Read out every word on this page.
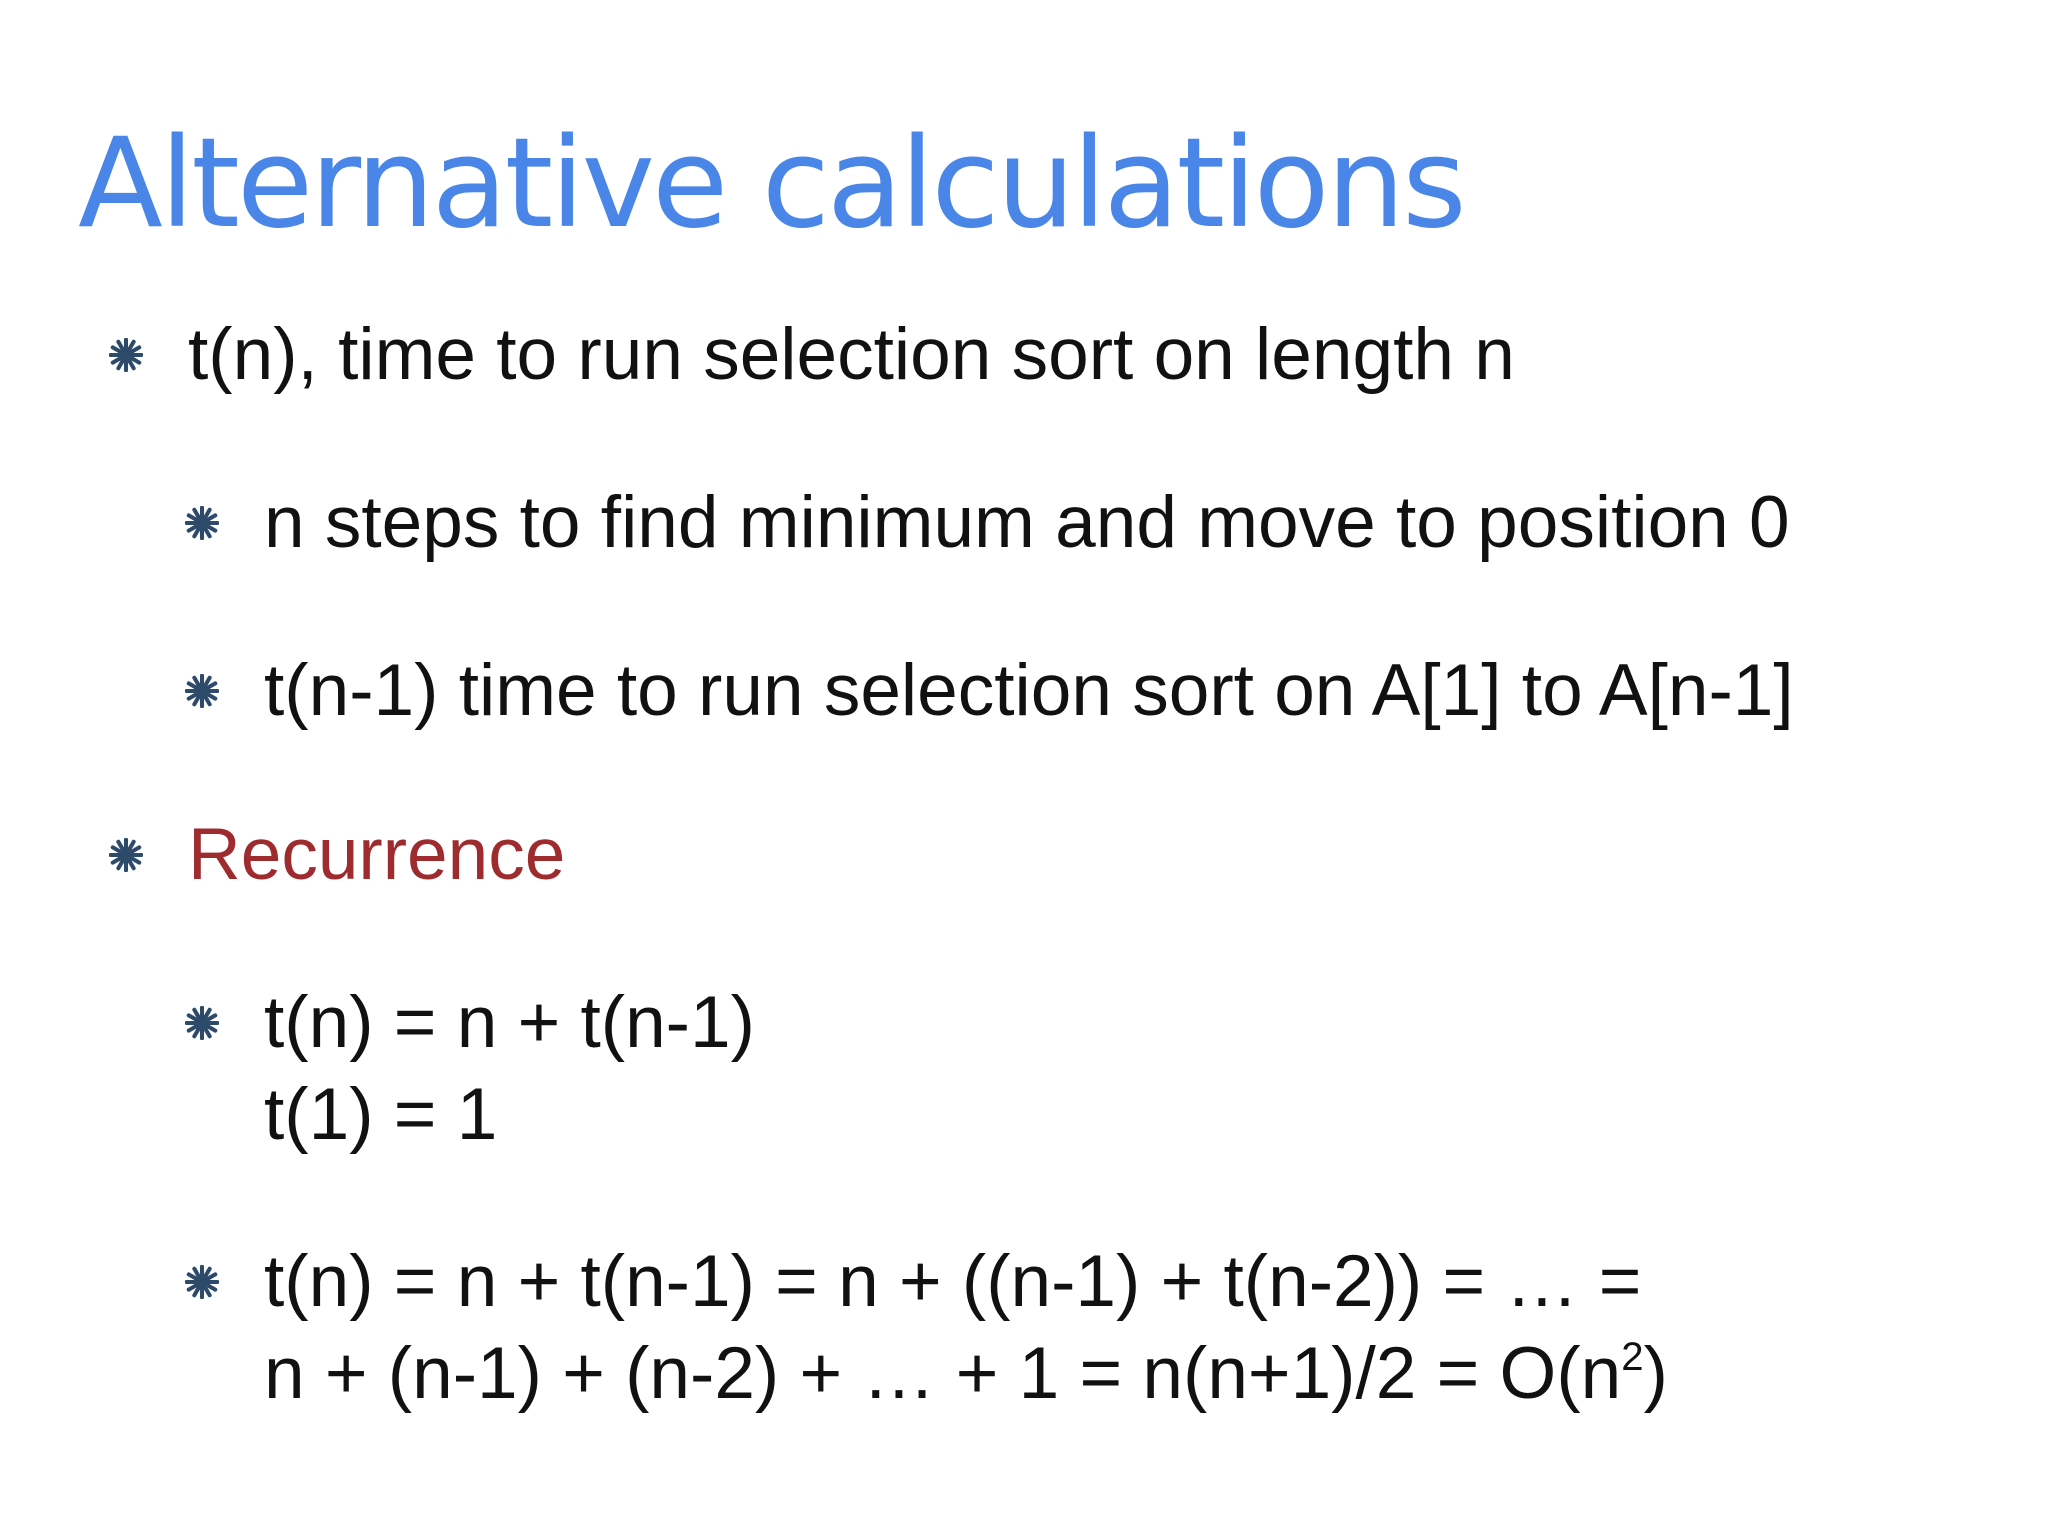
Alternative calculations
t(n), time to run selection sort on length n
n steps to find minimum and move to position 0
t(n-1) time to run selection sort on A[1] to A[n-1]
Recurrence
t(n) = n + t(n-1)
t(1) = 1
t(n) = n + t(n-1) = n + ((n-1) + t(n-2)) = … =
n + (n-1) + (n-2) + … + $1 = n(n+1)/2 = O(n^2)$
